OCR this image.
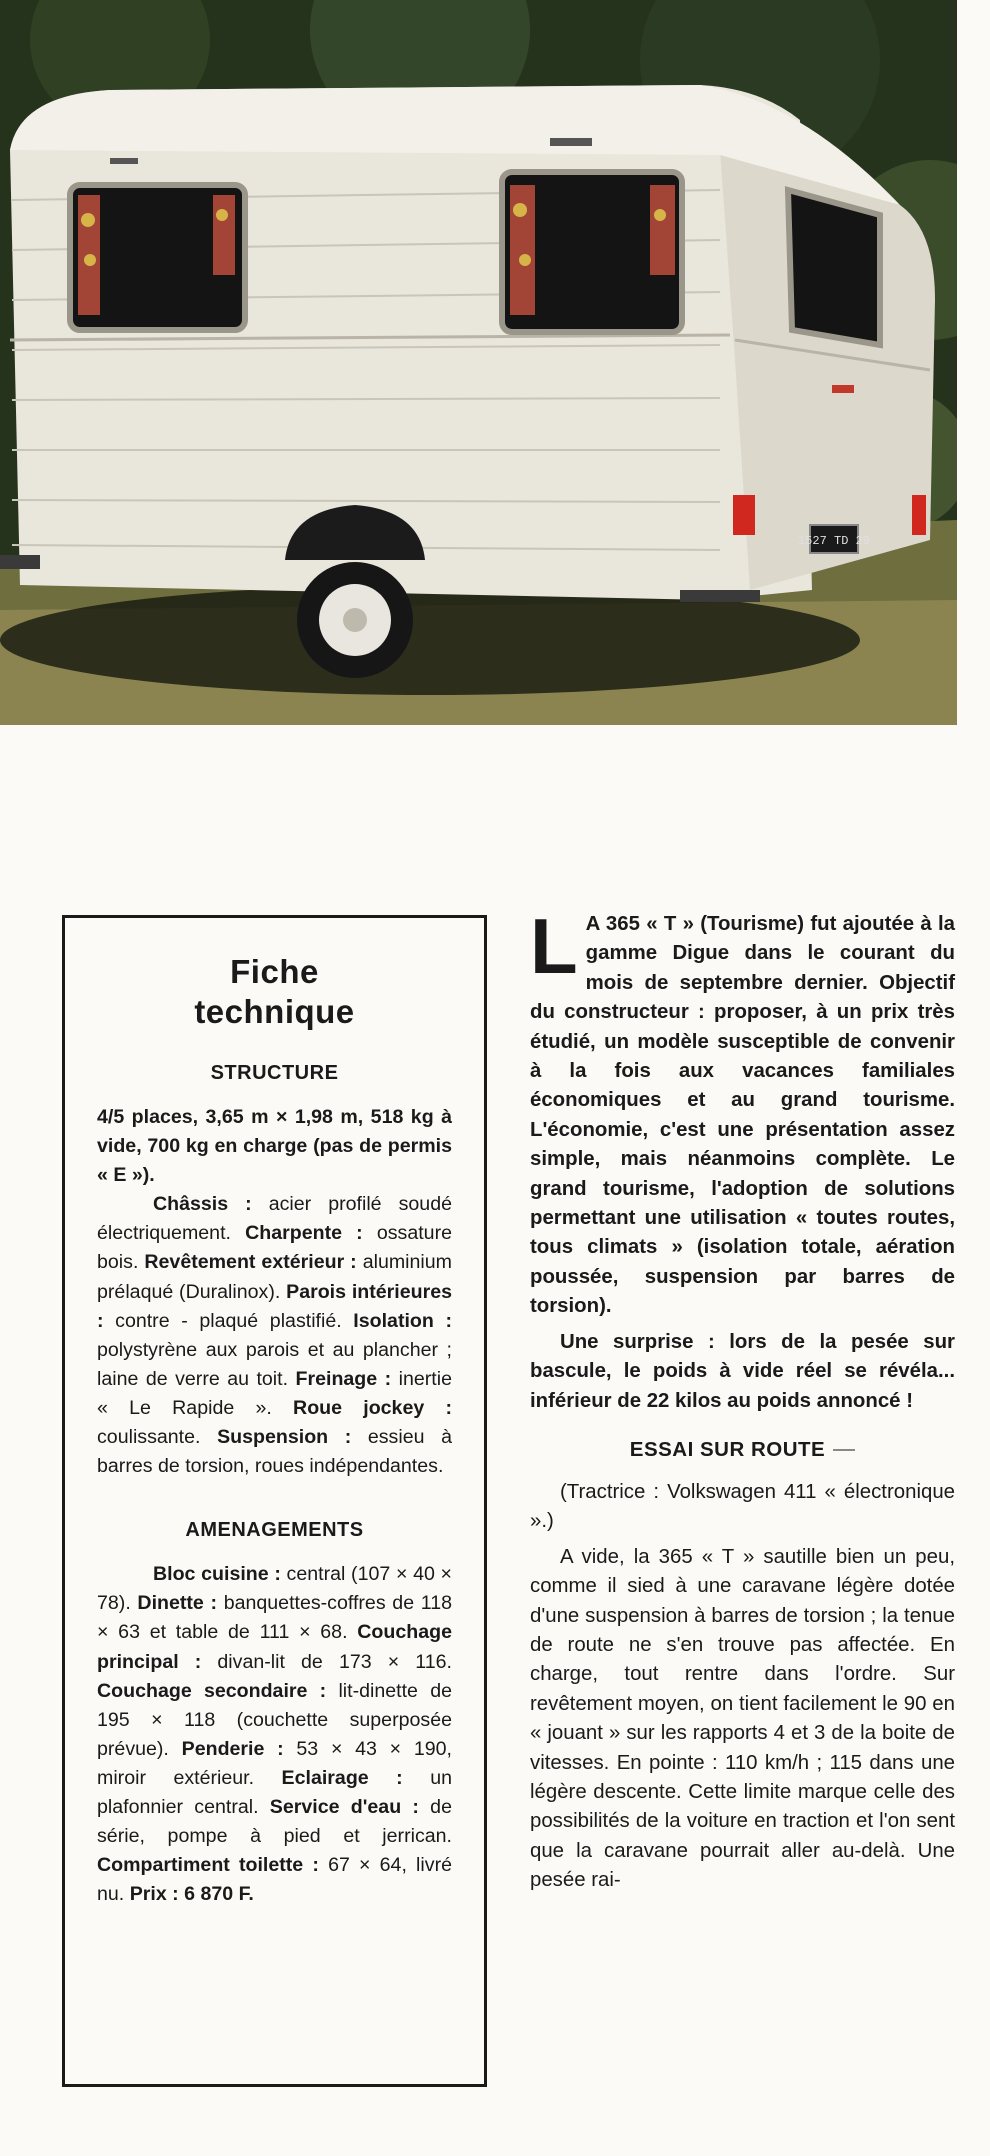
1527 TD 29
Fiche
technique
STRUCTURE

4/5 places, 3,65 m × 1,98 m, 518 kg à vide, 700 kg en charge (pas de permis « E »).
Châssis : acier profilé soudé électriquement. Charpente : ossature bois. Revêtement extérieur : aluminium prélaqué (Duralinox). Parois intérieures : contre - plaqué plastifié. Isolation : polystyrène aux parois et au plancher ; laine de verre au toit. Freinage : inertie « Le Rapide ». Roue jockey : coulissante. Suspension : essieu à barres de torsion, roues indépendantes.

AMENAGEMENTS

Bloc cuisine : central (107 × 40 × 78). Dinette : banquettes-coffres de 118 × 63 et table de 111 × 68. Couchage principal : divan-lit de 173 × 116. Couchage secondaire : lit-dinette de 195 × 118 (couchette superposée prévue). Penderie : 53 × 43 × 190, miroir extérieur. Eclairage : un plafonnier central. Service d'eau : de série, pompe à pied et jerrican. Compartiment toilette : 67 × 64, livré nu. Prix : 6 870 F.

L A 365 « T » (Tourisme) fut ajoutée à la gamme Digue dans le courant du mois de septembre dernier. Objectif du constructeur : proposer, à un prix très étudié, un modèle susceptible de convenir à la fois aux vacances familiales économiques et au grand tourisme. L'économie, c'est une présentation assez simple, mais néanmoins complète. Le grand tourisme, l'adoption de solutions permettant une utilisation « toutes routes, tous climats » (isolation totale, aération poussée, suspension par barres de torsion).

Une surprise : lors de la pesée sur bascule, le poids à vide réel se révéla... inférieur de 22 kilos au poids annoncé !

ESSAI SUR ROUTE

(Tractrice : Volkswagen 411 « électronique ».)

A vide, la 365 « T » sautille bien un peu, comme il sied à une caravane légère dotée d'une suspension à barres de torsion ; la tenue de route ne s'en trouve pas affectée. En charge, tout rentre dans l'ordre. Sur revêtement moyen, on tient facilement le 90 en « jouant » sur les rapports 4 et 3 de la boite de vitesses. En pointe : 110 km/h ; 115 dans une légère descente. Cette limite marque celle des possibilités de la voiture en traction et l'on sent que la caravane pourrait aller au-delà. Une pesée rai-
